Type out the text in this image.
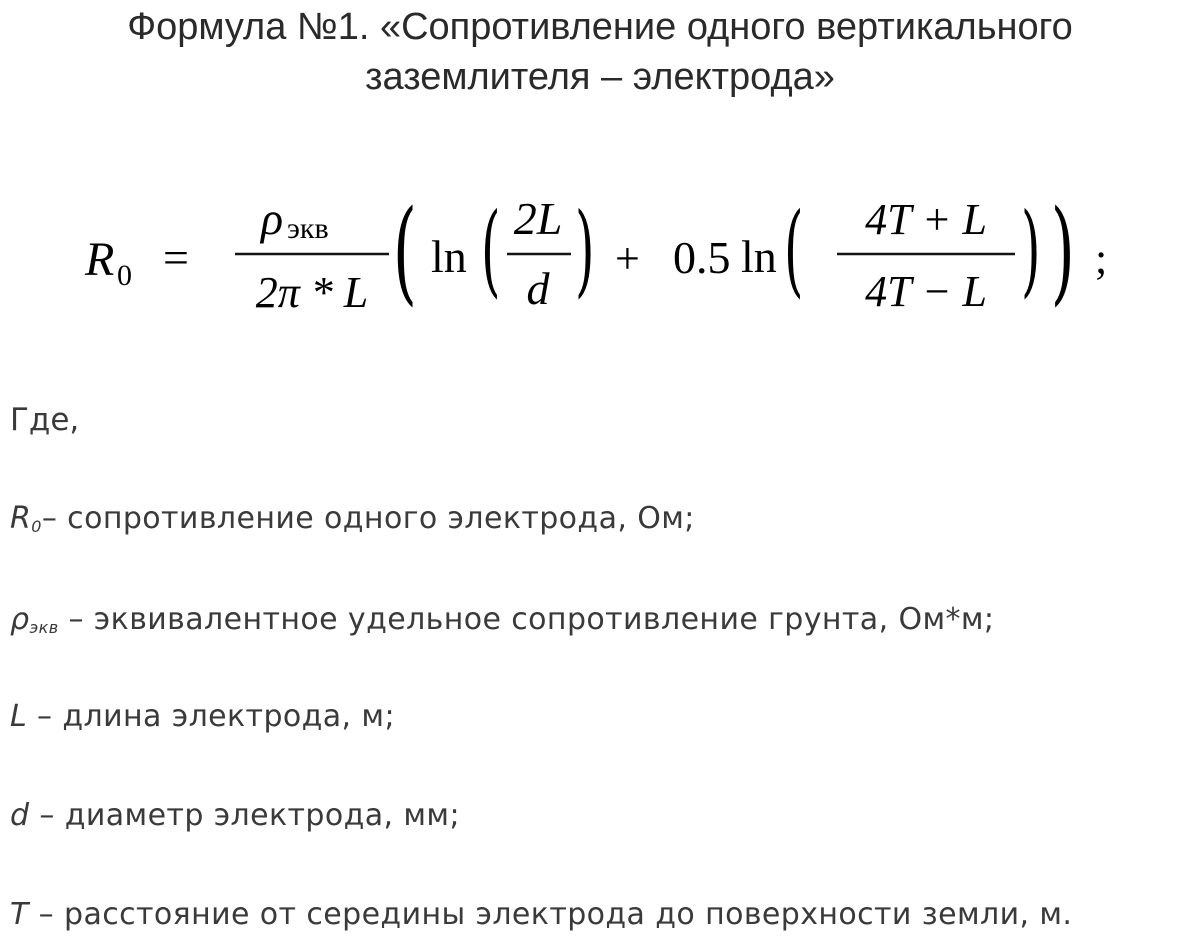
Формула №1. «Сопротивление одного вертикального
заземлителя – электрода»
R 0 =
ρ экв
2π * L ( ln ( 2L
d ) + 0.5 ln ( 4T + L
4T − L ) ) ;
Где,
$R_0-$ сопротивление одного электрода, Ом;
$\rho_{экв}$ – эквивалентное удельное сопротивление грунта, Ом*м;
L – длина электрода, м;
d – диаметр электрода, мм;
T – расстояние от середины электрода до поверхности земли, м.
